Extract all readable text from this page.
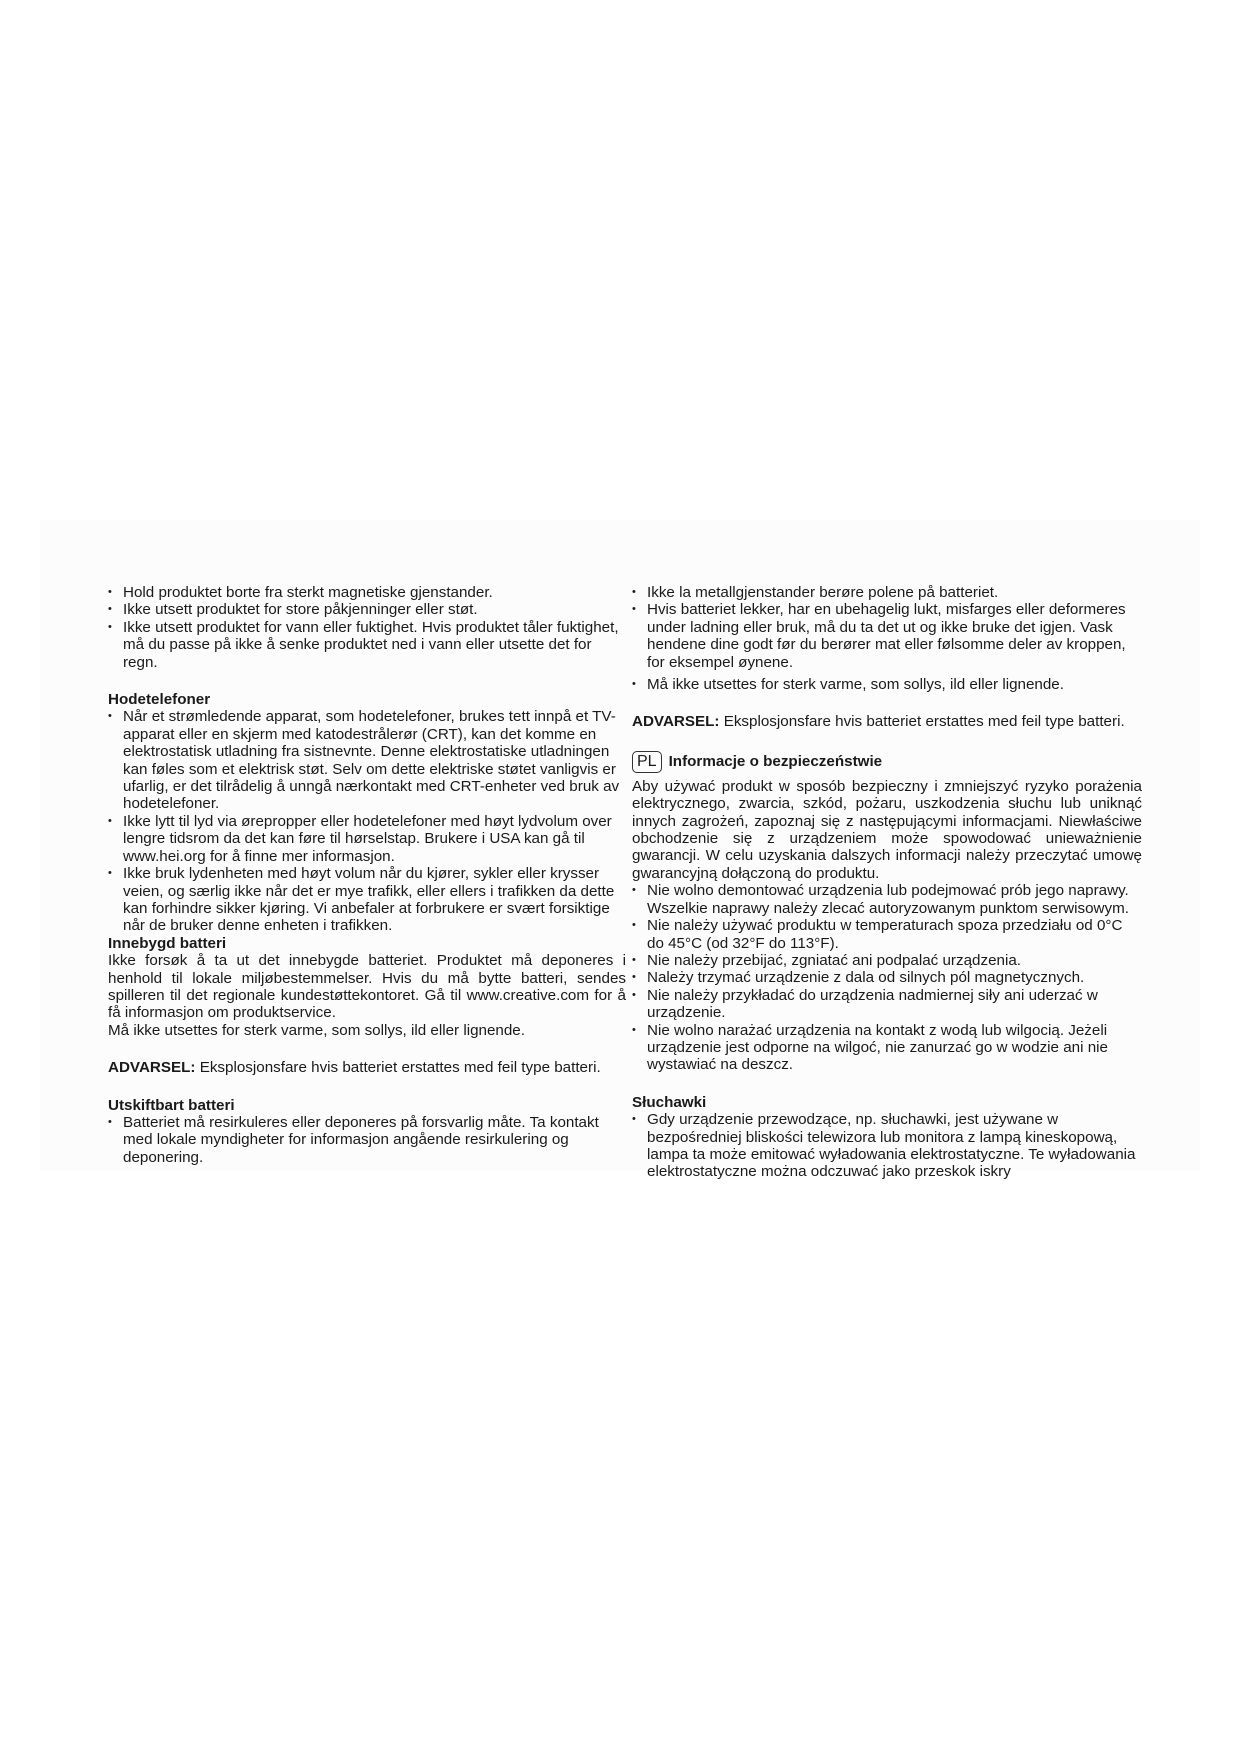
• Hold produktet borte fra sterkt magnetiske gjenstander.
• Ikke utsett produktet for store påkjenninger eller støt.
• Ikke utsett produktet for vann eller fuktighet. Hvis produktet tåler fuktighet, må du passe på ikke å senke produktet ned i vann eller utsette det for regn.
Hodetelefoner
• Når et strømledende apparat, som hodetelefoner, brukes tett innpå et TV-apparat eller en skjerm med katodestrålerør (CRT), kan det komme en elektrostatisk utladning fra sistnevnte. Denne elektrostatiske utladningen kan føles som et elektrisk støt. Selv om dette elektriske støtet vanligvis er ufarlig, er det tilrådelig å unngå nærkontakt med CRT-enheter ved bruk av hodetelefoner.
• Ikke lytt til lyd via ørepropper eller hodetelefoner med høyt lydvolum over lengre tidsrom da det kan føre til hørselstap. Brukere i USA kan gå til www.hei.org for å finne mer informasjon.
• Ikke bruk lydenheten med høyt volum når du kjører, sykler eller krysser veien, og særlig ikke når det er mye trafikk, eller ellers i trafikken da dette kan forhindre sikker kjøring. Vi anbefaler at forbrukere er svært forsiktige når de bruker denne enheten i trafikken.
Innebygd batteri

Ikke forsøk å ta ut det innebygde batteriet. Produktet må deponeres i henhold til lokale miljøbestemmelser. Hvis du må bytte batteri, sendes spilleren til det regionale kundestøttekontoret. Gå til www.creative.com for å få informasjon om produktservice.

Må ikke utsettes for sterk varme, som sollys, ild eller lignende.

ADVARSEL: Eksplosjonsfare hvis batteriet erstattes med feil type batteri.

Utskiftbart batteri
• Batteriet må resirkuleres eller deponeres på forsvarlig måte. Ta kontakt med lokale myndigheter for informasjon angående resirkulering og deponering.
• Ikke la metallgjenstander berøre polene på batteriet.
• Hvis batteriet lekker, har en ubehagelig lukt, misfarges eller deformeres under ladning eller bruk, må du ta det ut og ikke bruke det igjen. Vask hendene dine godt før du berører mat eller følsomme deler av kroppen, for eksempel øynene.
• Må ikke utsettes for sterk varme, som sollys, ild eller lignende.

ADVARSEL: Eksplosjonsfare hvis batteriet erstattes med feil type batteri.

PL Informacje o bezpieczeństwie

Aby używać produkt w sposób bezpieczny i zmniejszyć ryzyko porażenia elektrycznego, zwarcia, szkód, pożaru, uszkodzenia słuchu lub uniknąć innych zagrożeń, zapoznaj się z następującymi informacjami. Niewłaściwe obchodzenie się z urządzeniem może spowodować unieważnienie gwarancji. W celu uzyskania dalszych informacji należy przeczytać umowę gwarancyjną dołączoną do produktu.

• Nie wolno demontować urządzenia lub podejmować prób jego naprawy. Wszelkie naprawy należy zlecać autoryzowanym punktom serwisowym.
• Nie należy używać produktu w temperaturach spoza przedziału od 0°C do 45°C (od 32°F do 113°F).
• Nie należy przebijać, zgniatać ani podpalać urządzenia.
• Należy trzymać urządzenie z dala od silnych pól magnetycznych.
• Nie należy przykładać do urządzenia nadmiernej siły ani uderzać w urządzenie.
• Nie wolno narażać urządzenia na kontakt z wodą lub wilgocią. Jeżeli urządzenie jest odporne na wilgoć, nie zanurzać go w wodzie ani nie wystawiać na deszcz.
Słuchawki
• Gdy urządzenie przewodzące, np. słuchawki, jest używane w bezpośredniej bliskości telewizora lub monitora z lampą kineskopową, lampa ta może emitować wyładowania elektrostatyczne. Te wyładowania elektrostatyczne można odczuwać jako przeskok iskry
